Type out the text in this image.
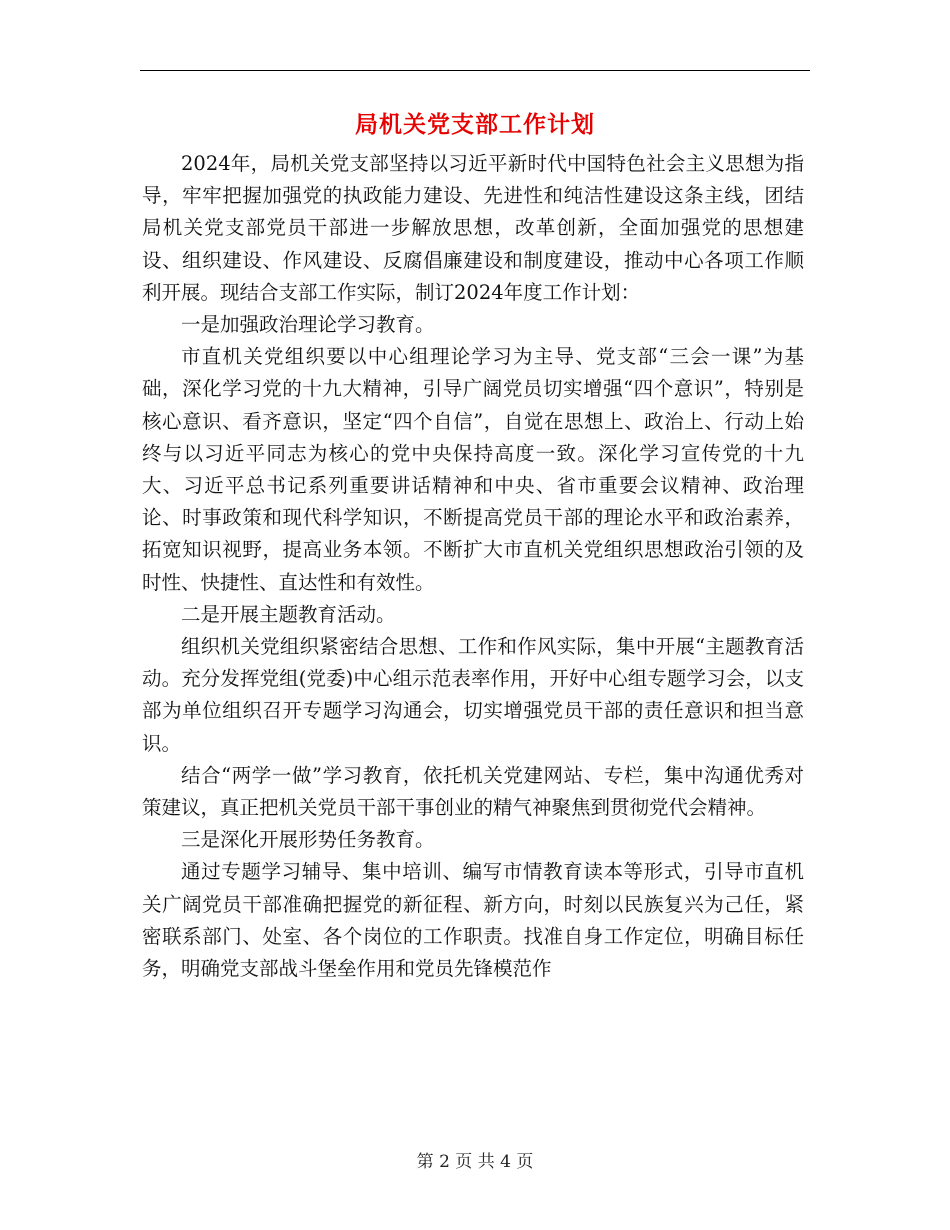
局机关党支部工作计划

2024年，局机关党支部坚持以习近平新时代中国特色社会主义思想为指导，牢牢把握加强党的执政能力建设、先进性和纯洁性建设这条主线，团结局机关党支部党员干部进一步解放思想，改革创新，全面加强党的思想建设、组织建设、作风建设、反腐倡廉建设和制度建设，推动中心各项工作顺利开展。现结合支部工作实际，制订2024年度工作计划：

一是加强政治理论学习教育。

市直机关党组织要以中心组理论学习为主导、党支部“三会一课”为基础，深化学习党的十九大精神，引导广阔党员切实增强“四个意识”，特别是核心意识、看齐意识，坚定“四个自信”，自觉在思想上、政治上、行动上始终与以习近平同志为核心的党中央保持高度一致。深化学习宣传党的十九大、习近平总书记系列重要讲话精神和中央、省市重要会议精神、政治理论、时事政策和现代科学知识，不断提高党员干部的理论水平和政治素养，拓宽知识视野，提高业务本领。不断扩大市直机关党组织思想政治引领的及时性、快捷性、直达性和有效性。

二是开展主题教育活动。

组织机关党组织紧密结合思想、工作和作风实际，集中开展“主题教育活动。充分发挥党组(党委)中心组示范表率作用，开好中心组专题学习会，以支部为单位组织召开专题学习沟通会，切实增强党员干部的责任意识和担当意识。

结合“两学一做”学习教育，依托机关党建网站、专栏，集中沟通优秀对策建议，真正把机关党员干部干事创业的精气神聚焦到贯彻党代会精神。

三是深化开展形势任务教育。

通过专题学习辅导、集中培训、编写市情教育读本等形式，引导市直机关广阔党员干部准确把握党的新征程、新方向，时刻以民族复兴为己任，紧密联系部门、处室、各个岗位的工作职责。找准自身工作定位，明确目标任务，明确党支部战斗堡垒作用和党员先锋模范作

第 2 页 共 4 页
